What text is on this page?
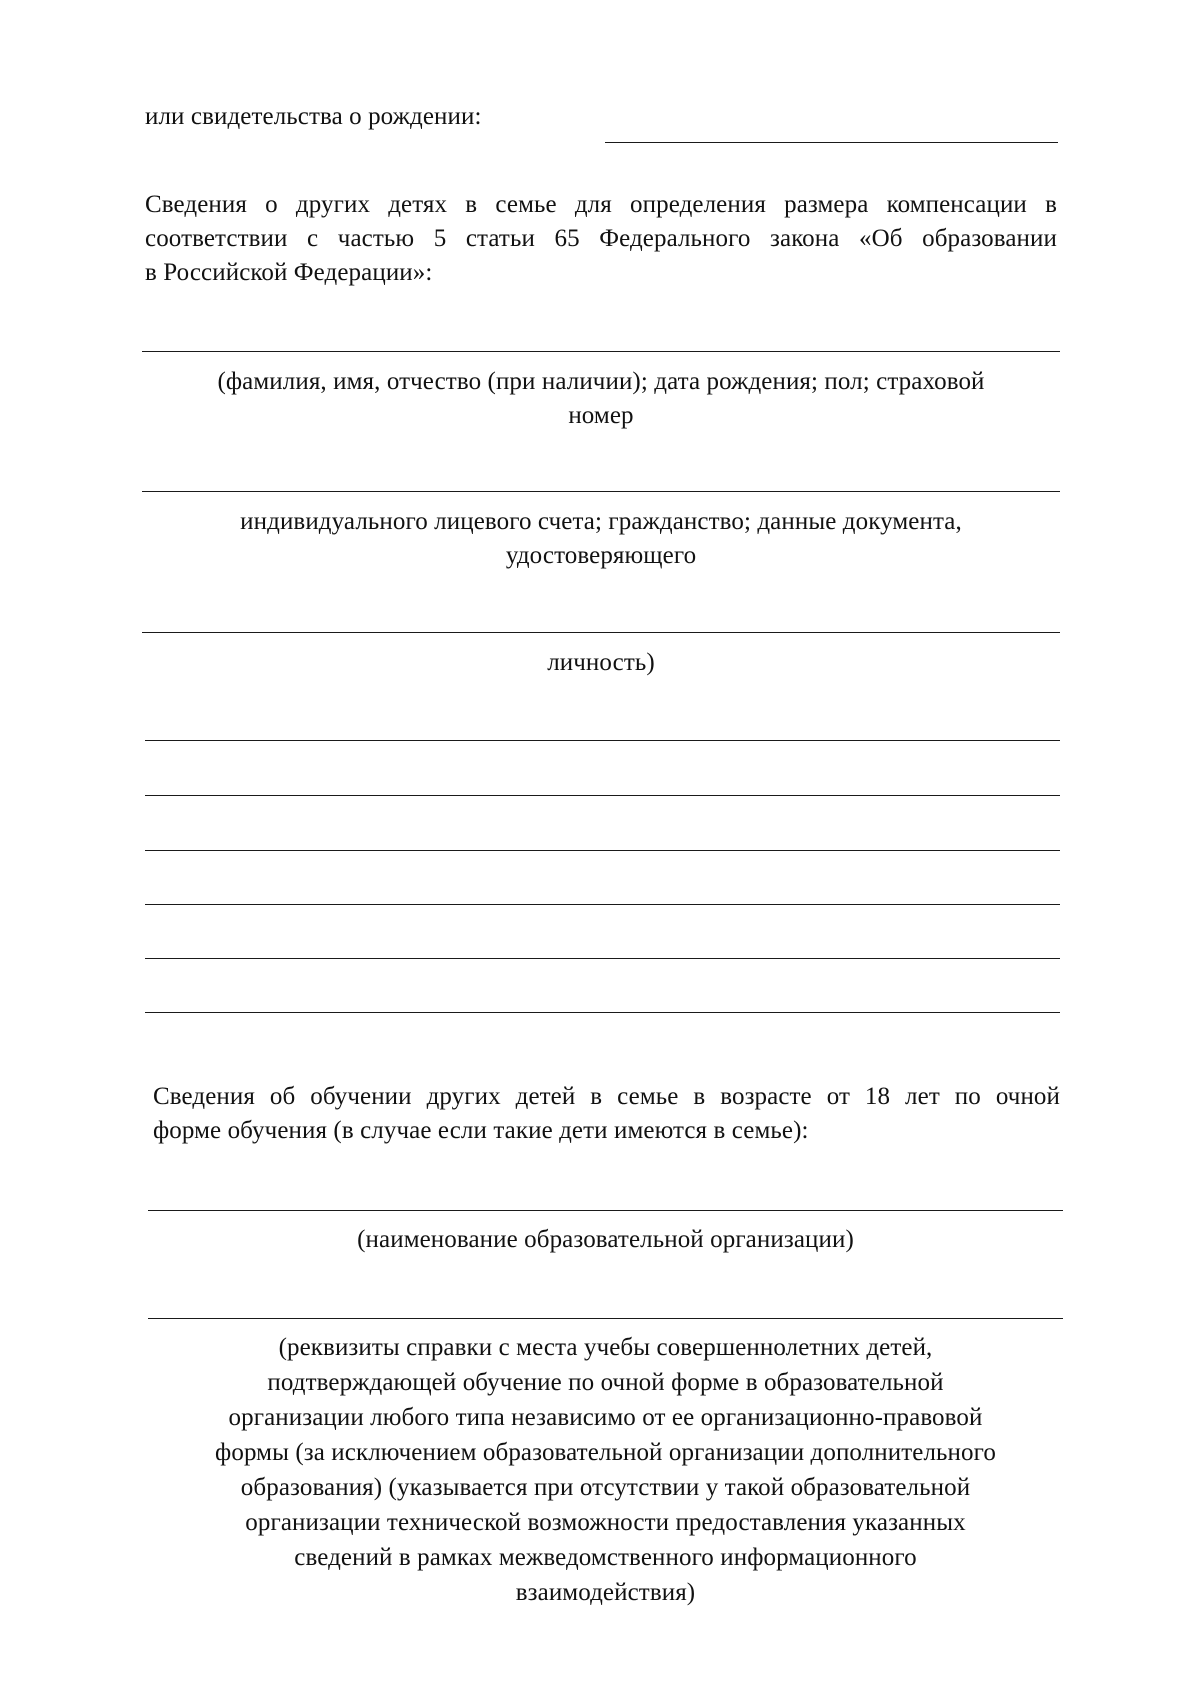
или свидетельства о рождении:
Сведения о других детях в семье для определения размера компенсации в
соответствии с частью 5 статьи 65 Федерального закона «Об образовании
в Российской Федерации»:
(фамилия, имя, отчество (при наличии); дата рождения; пол; страховой
номер
индивидуального лицевого счета; гражданство; данные документа,
удостоверяющего
личность)
Сведения об обучении других детей в семье в возрасте от 18 лет по очной
форме обучения (в случае если такие дети имеются в семье):
(наименование образовательной организации)
(реквизиты справки с места учебы совершеннолетних детей,
подтверждающей обучение по очной форме в образовательной
организации любого типа независимо от ее организационно-правовой
формы (за исключением образовательной организации дополнительного
образования) (указывается при отсутствии у такой образовательной
организации технической возможности предоставления указанных
сведений в рамках межведомственного информационного
взаимодействия)
